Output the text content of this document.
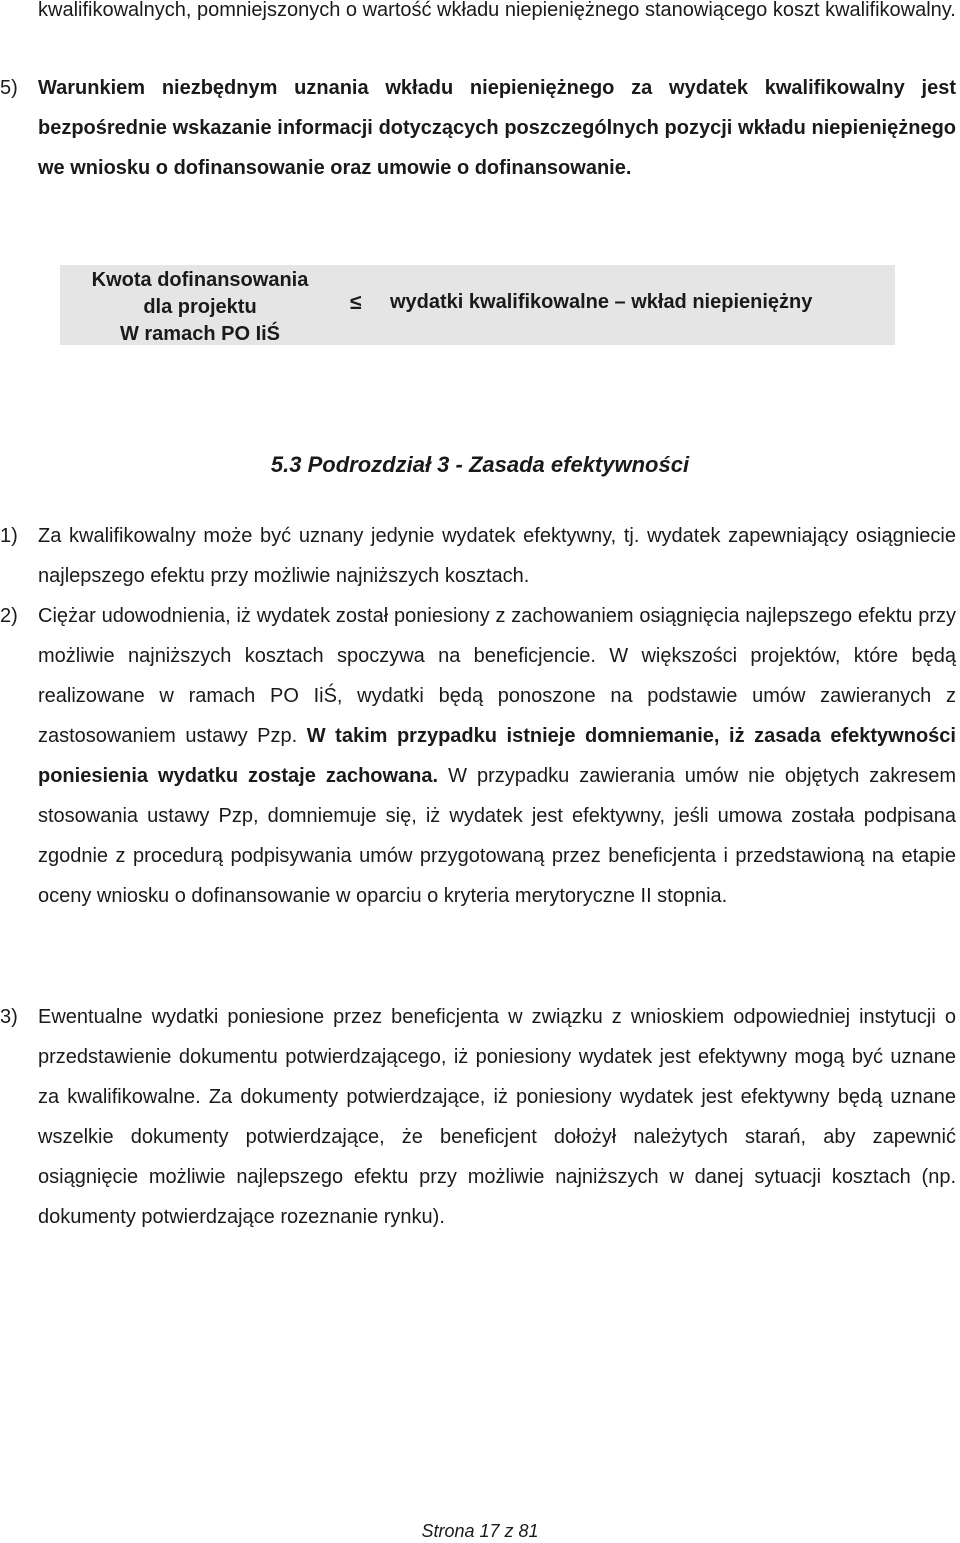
kwalifikowalnych, pomniejszonych o wartość wkładu niepieniężnego stanowiącego koszt kwalifikowalny.

5)	Warunkiem niezbędnym uznania wkładu niepieniężnego za wydatek kwalifikowalny jest bezpośrednie wskazanie informacji dotyczących poszczególnych pozycji wkładu niepieniężnego we wniosku o dofinansowanie oraz umowie o dofinansowanie.
Kwota dofinansowania
dla projektu
W ramach PO IiŚ
≤ wydatki kwalifikowalne – wkład niepieniężny
5.3 Podrozdział 3 - Zasada efektywności
1)	Za kwalifikowalny może być uznany jedynie wydatek efektywny, tj. wydatek zapewniający osiągniecie najlepszego efektu przy możliwie najniższych kosztach.
2)	Ciężar udowodnienia, iż wydatek został poniesiony z zachowaniem osiągnięcia najlepszego efektu przy możliwie najniższych kosztach spoczywa na beneficjencie. W większości projektów, które będą realizowane w ramach PO IiŚ, wydatki będą ponoszone na podstawie umów zawieranych z zastosowaniem ustawy Pzp. W takim przypadku istnieje domniemanie, iż zasada efektywności poniesienia wydatku zostaje zachowana. W przypadku zawierania umów nie objętych zakresem stosowania ustawy Pzp, domniemuje się, iż wydatek jest efektywny, jeśli umowa została podpisana zgodnie z procedurą podpisywania umów przygotowaną przez beneficjenta i przedstawioną na etapie oceny wniosku o dofinansowanie w oparciu o kryteria merytoryczne II stopnia.
3)	Ewentualne wydatki poniesione przez beneficjenta w związku z wnioskiem odpowiedniej instytucji o przedstawienie dokumentu potwierdzającego, iż poniesiony wydatek jest efektywny mogą być uznane za kwalifikowalne. Za dokumenty potwierdzające, iż poniesiony wydatek jest efektywny będą uznane wszelkie dokumenty potwierdzające, że beneficjent dołożył należytych starań, aby zapewnić osiągnięcie możliwie najlepszego efektu przy możliwie najniższych w danej sytuacji kosztach (np. dokumenty potwierdzające rozeznanie rynku).
Strona 17 z 81
